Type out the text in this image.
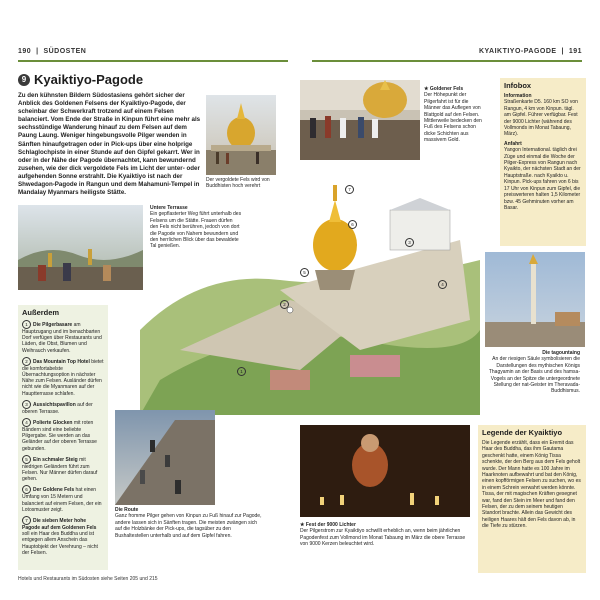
190  |  SÜDOSTEN	KYAIKTIYO-PAGODE  |  191
9 Kyaiktiyo-Pagode
Zu den kühnsten Bildern Südostasiens gehört sicher der Anblick des Goldenen Felsens der Kyaiktiyo-Pagode, der scheinbar der Schwerkraft trotzend auf einem Felsen balanciert. Vom Ende der Straße in Kinpun führt eine mehr als sechsstündige Wanderung hinauf zu dem Felsen auf dem Paung Laung. Weniger hingebungsvolle Pilger wenden in Sänften hinaufgetragen oder in Pick-ups über eine holprige Schlaglochpiste in einer Stunde auf den Gipfel gekarrt. Wer in oder in der Nähe der Pagode übernachtet, kann bewundernd zusehen, wie der dick vergoldete Fels im Licht der unter- oder aufgehenden Sonne erstrahlt. Die Kyaiktiyo ist nach der Shwedagon-Pagode in Rangun und dem Mahamuni-Tempel in Mandalay Myanmars heiligste Stätte.
Der vergoldete Fels wird von Buddhisten hoch verehrt
★ Goldener Fels
Der Höhepunkt der Pilgerfahrt ist für die Männer das Auflegen von Blattgold auf den Felsen. Mittlerweile bedecken den Fuß des Felsens schon dicke Schichten aus massivem Gold.
Infobox
Information
Straßenkarte D5. 160 km SO von Rangun, 4 km von Kinpun. tägl. am Gipfel. Führer verfügbar. Fest der 9000 Lichter (während des Vollmonds im Monat Tabaung, März).
Anfahrt
Yangon International. täglich drei Züge und einmal die Woche der Pilger-Express von Rangun nach Kyaikto, der nächsten Stadt an der Hauptstraße. nach Kyaikto u. Kinpun. Pick-ups fahren von 6 bis 17 Uhr von Kinpun zum Gipfel, die preiswerteren halten 1,5 Kilometer bzw. 45 Gehminuten vorher am Basar.
Untere Terrasse
Ein gepflasterter Weg führt unterhalb des Felsens um die Stätte. Frauen dürfen den Fels nicht berühren, jedoch von dort die Pagode von Nahem bewundern und den herrlichen Blick über das bewaldete Tal genießen.
1
2
3
4
5
6
7
Außerdem
1 Die Pilgerbasare am Hauptzugang und im benachbarten Dorf verfügen über Restaurants und Läden, die Obst, Blumen und Weihrauch verkaufen.
2 Das Mountain Top Hotel bietet die komfortabelste Übernachtungsoption in nächster Nähe zum Felsen. Ausländer dürfen nicht wie die Myanmaren auf der Hauptterrasse schlafen.
3 Aussichtspavillon auf der oberen Terrasse.
4 Polierte Glocken mit roten Bändern sind eine beliebte Pilgergabe. Sie werden an das Geländer auf der oberen Terrasse gebunden.
5 Ein schmaler Steig mit niedrigen Geländern führt zum Felsen. Nur Männer dürfen darauf gehen.
6 Der Goldene Fels hat einen Umfang von 15 Metern und balanciert auf einem Felsen, der ein Lotosmuster zeigt.
7 Die sieben Meter hohe Pagode auf dem Goldenen Fels soll ein Haar des Buddha und ist entgegen allem Anschein das Hauptobjekt der Verehrung – nicht der Felsen.
Die tagountaing
An der riesigen Säule symbolisieren die Darstellungen des mythischen Königs Thagyamin an der Basis und des hamsa-Vogels an der Spitze die untergeordnete Stellung der nat-Geister im Theravada-Buddhismus.
Legende der Kyaiktiyo
Die Legende erzählt, dass ein Eremit das Haar des Buddha, das ihm Gautama geschenkt hatte, einem König Tissa schenkte, der den Berg aus dem Fels geholt wurde. Der Mann hatte es 100 Jahre im Haarknoten aufbewahrt und bat den König, einen kopfförmigen Felsen zu suchen, wo es in einem Schrein verwahrt werden könnte. Tissa, der mit magischen Kräften gesegnet war, fand den Stein im Meer und fand den Felsen, der zu dem seinem heutigen Standort brachte. Allein das Gewicht des heiligen Haares hält den Fels davon ab, in die Tiefe zu stürzen.
Die Route
Ganz fromme Pilger gehen von Kinpun zu Fuß hinauf zur Pagode, andere lassen sich in Sänften tragen. Die meisten zwängen sich auf die Holzbänke der Pick-ups, die tagsüber zu den Bushaltestellen unterhalb und auf dem Gipfel fahren.
★ Fest der 9000 Lichter
Der Pilgerstrom zur Kyaiktiyo schwillt erheblich an, wenn beim jährlichen Pagodenfest zum Vollmond im Monat Tabaung im März die obere Terrasse von 9000 Kerzen beleuchtet wird.
Hotels und Restaurants im Südosten siehe Seiten 205 und 215
